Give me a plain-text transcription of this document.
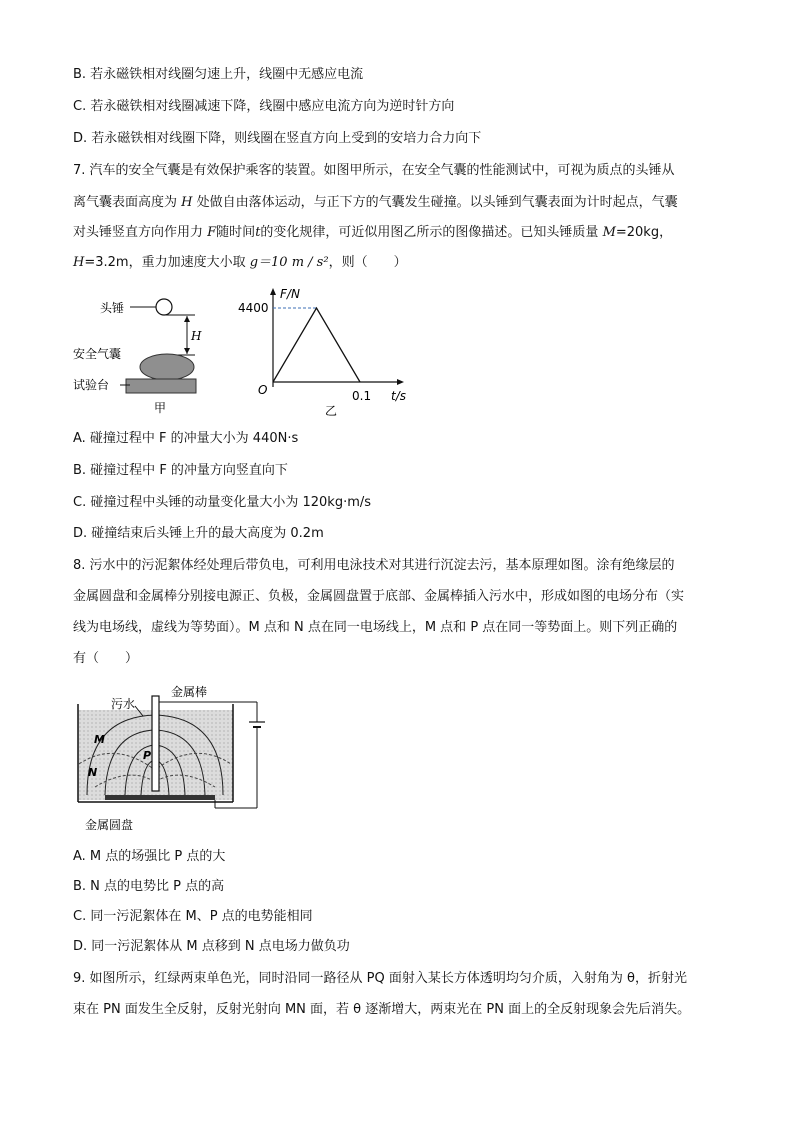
B. 若永磁铁相对线圈匀速上升，线圈中无感应电流
C. 若永磁铁相对线圈减速下降，线圈中感应电流方向为逆时针方向
D. 若永磁铁相对线圈下降，则线圈在竖直方向上受到的安培力合力向下
7. 汽车的安全气囊是有效保护乘客的装置。如图甲所示，在安全气囊的性能测试中，可视为质点的头锤从
离气囊表面高度为 H 处做自由落体运动，与正下方的气囊发生碰撞。以头锤到气囊表面为计时起点，气囊
对头锤竖直方向作用力 F随时间t的变化规律，可近似用图乙所示的图像描述。已知头锤质量 M=20kg，
H=3.2m，重力加速度大小取 g＝10 m / s²，则（　　）
头锤
H
安全气囊
试验台
甲
F/N
t/s
O
4400
0.1
乙
A. 碰撞过程中 F 的冲量大小为 440N·s
B. 碰撞过程中 F 的冲量方向竖直向下
C. 碰撞过程中头锤的动量变化量大小为 120kg·m/s
D. 碰撞结束后头锤上升的最大高度为 0.2m
8. 污水中的污泥絮体经处理后带负电，可利用电泳技术对其进行沉淀去污，基本原理如图。涂有绝缘层的
金属圆盘和金属棒分别接电源正、负极，金属圆盘置于底部、金属棒插入污水中，形成如图的电场分布（实
线为电场线，虚线为等势面）。M 点和 N 点在同一电场线上，M 点和 P 点在同一等势面上。则下列正确的
有（　　）
金属棒
污水
M
N
P
金属圆盘
A. M 点的场强比 P 点的大
B. N 点的电势比 P 点的高
C. 同一污泥絮体在 M、P 点的电势能相同
D. 同一污泥絮体从 M 点移到 N 点电场力做负功
9. 如图所示，红绿两束单色光，同时沿同一路径从 PQ 面射入某长方体透明均匀介质，入射角为 θ，折射光
束在 PN 面发生全反射，反射光射向 MN 面，若 θ 逐渐增大，两束光在 PN 面上的全反射现象会先后消失。
